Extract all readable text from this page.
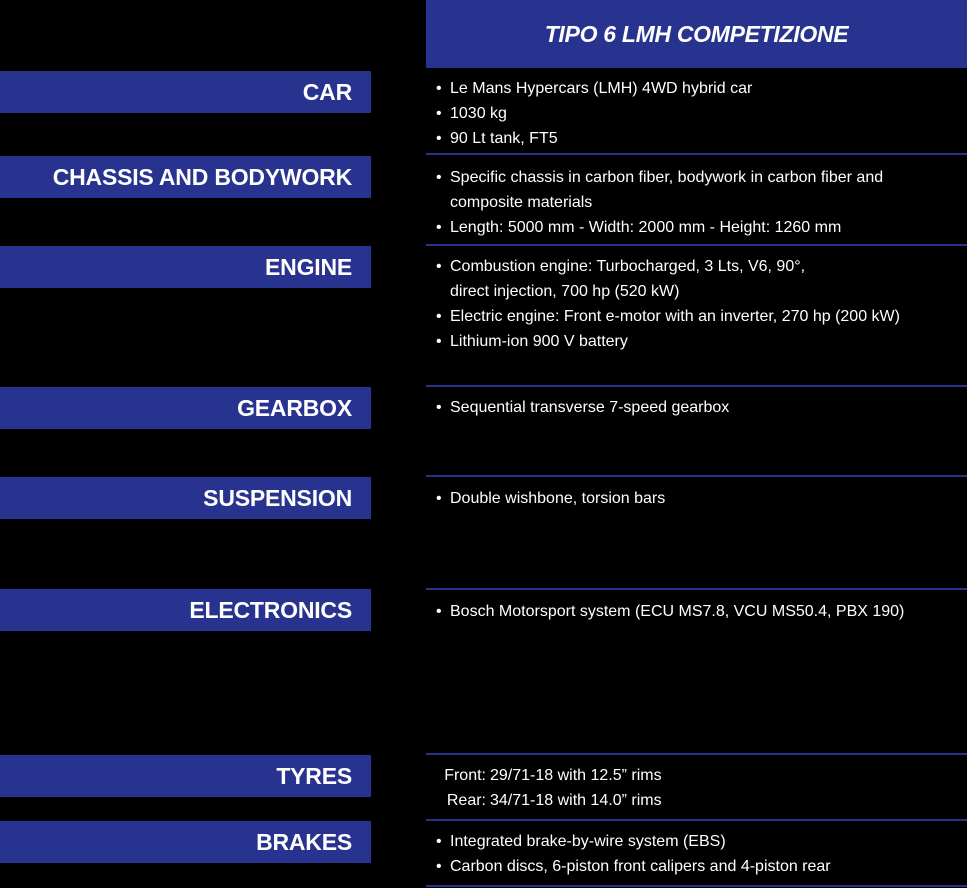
TIPO 6 LMH COMPETIZIONE
CAR	• Le Mans Hypercars (LMH) 4WD hybrid car
• 1030 kg
• 90 Lt tank, FT5
CHASSIS AND BODYWORK	• Specific chassis in carbon fiber, bodywork in carbon fiber and composite materials
• Length: 5000 mm - Width: 2000 mm - Height: 1260 mm
ENGINE	• Combustion engine: Turbocharged, 3 Lts, V6, 90°, direct injection, 700 hp (520 kW)
• Electric engine: Front e-motor with an inverter, 270 hp (200 kW)
• Lithium-ion 900 V battery
GEARBOX	• Sequential transverse 7-speed gearbox
SUSPENSION	• Double wishbone, torsion bars
ELECTRONICS	• Bosch Motorsport system (ECU MS7.8, VCU MS50.4, PBX 190)
TYRES	Front: 29/71-18 with 12.5” rims
Rear: 34/71-18 with 14.0” rims
BRAKES	• Integrated brake-by-wire system (EBS)
• Carbon discs, 6-piston front calipers and 4-piston rear
